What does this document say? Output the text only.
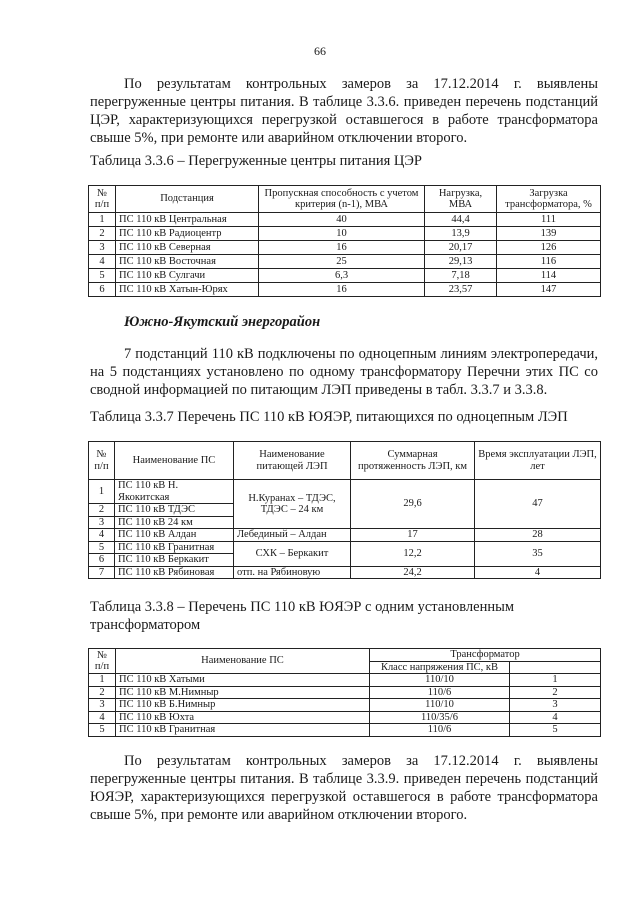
66

По результатам контрольных замеров за 17.12.2014 г. выявлены перегруженные центры питания. В таблице 3.3.6. приведен перечень подстанций ЦЭР, характеризующихся перегрузкой оставшегося в работе трансформатора свыше 5%, при ремонте или аварийном отключении второго.

Таблица 3.3.6 – Перегруженные центры питания ЦЭР

№ п/п	Подстанция	Пропускная способность с учетом критерия (n-1), МВА	Нагрузка, МВА	Загрузка трансформатора, %
1	ПС 110 кВ Центральная	40	44,4	111
2	ПС 110 кВ Радиоцентр	10	13,9	139
3	ПС 110 кВ Северная	16	20,17	126
4	ПС 110 кВ Восточная	25	29,13	116
5	ПС 110 кВ Сулгачи	6,3	7,18	114
6	ПС 110 кВ Хатын-Юрях	16	23,57	147

Южно-Якутский энергорайон

7 подстанций 110 кВ подключены по одноцепным линиям электропередачи, на 5 подстанциях установлено по одному трансформатору Перечни этих ПС со сводной информацией по питающим ЛЭП приведены в табл. 3.3.7 и 3.3.8.

Таблица 3.3.7 Перечень ПС 110 кВ ЮЯЭР, питающихся по одноцепным ЛЭП

№ п/п	Наименование ПС	Наименование питающей ЛЭП	Суммарная протяженность ЛЭП, км	Время эксплуатации ЛЭП, лет
1	ПС 110 кВ Н. Якокитская	Н.Куранах – ТДЭС, ТДЭС – 24 км	29,6	47
2	ПС 110 кВ ТДЭС			
3	ПС 110 кВ 24 км			
4	ПС 110 кВ Алдан	Лебединый – Алдан	17	28
5	ПС 110 кВ Гранитная	СХК – Беркакит	12,2	35
6	ПС 110 кВ Беркакит			
7	ПС 110 кВ Рябиновая	отп. на Рябиновую	24,2	4

Таблица 3.3.8 – Перечень ПС 110 кВ ЮЯЭР с одним установленным трансформатором

№ п/п	Наименование ПС	Трансформатор	
		Класс напряжения ПС, кВ	
1	ПС 110 кВ Хатыми	110/10	1
2	ПС 110 кВ М.Нимныр	110/6	2
3	ПС 110 кВ Б.Нимныр	110/10	3
4	ПС 110 кВ Юхта	110/35/6	4
5	ПС 110 кВ Гранитная	110/6	5

По результатам контрольных замеров за 17.12.2014 г. выявлены перегруженные центры питания. В таблице 3.3.9. приведен перечень подстанций ЮЯЭР, характеризующихся перегрузкой оставшегося в работе трансформатора свыше 5%, при ремонте или аварийном отключении второго.
